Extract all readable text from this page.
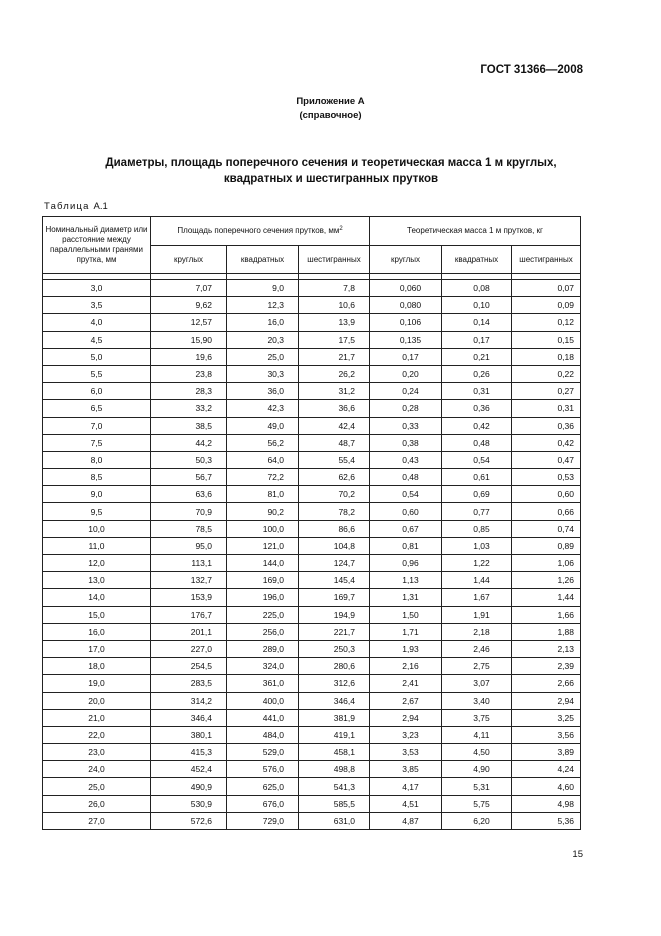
ГОСТ 31366—2008
Приложение А
(справочное)
Диаметры, площадь поперечного сечения и теоретическая масса 1 м круглых,
квадратных и шестигранных прутков
Таблица А.1
Номинальный диаметр или расстояние между параллельными гранями прутка, мм	Площадь поперечного сечения прутков, $мм^2$			Теоретическая масса 1 м прутков, кг		
	круглых	квадратных	шестигранных	круглых	квадратных	шестигранных

3,0	7,07	9,0	7,8	0,060	0,08	0,07
3,5	9,62	12,3	10,6	0,080	0,10	0,09
4,0	12,57	16,0	13,9	0,106	0,14	0,12
4,5	15,90	20,3	17,5	0,135	0,17	0,15
5,0	19,6	25,0	21,7	0,17	0,21	0,18
5,5	23,8	30,3	26,2	0,20	0,26	0,22
6,0	28,3	36,0	31,2	0,24	0,31	0,27
6,5	33,2	42,3	36,6	0,28	0,36	0,31
7,0	38,5	49,0	42,4	0,33	0,42	0,36
7,5	44,2	56,2	48,7	0,38	0,48	0,42
8,0	50,3	64,0	55,4	0,43	0,54	0,47
8,5	56,7	72,2	62,6	0,48	0,61	0,53
9,0	63,6	81,0	70,2	0,54	0,69	0,60
9,5	70,9	90,2	78,2	0,60	0,77	0,66
10,0	78,5	100,0	86,6	0,67	0,85	0,74
11,0	95,0	121,0	104,8	0,81	1,03	0,89
12,0	113,1	144,0	124,7	0,96	1,22	1,06
13,0	132,7	169,0	145,4	1,13	1,44	1,26
14,0	153,9	196,0	169,7	1,31	1,67	1,44
15,0	176,7	225,0	194,9	1,50	1,91	1,66
16,0	201,1	256,0	221,7	1,71	2,18	1,88
17,0	227,0	289,0	250,3	1,93	2,46	2,13
18,0	254,5	324,0	280,6	2,16	2,75	2,39
19,0	283,5	361,0	312,6	2,41	3,07	2,66
20,0	314,2	400,0	346,4	2,67	3,40	2,94
21,0	346,4	441,0	381,9	2,94	3,75	3,25
22,0	380,1	484,0	419,1	3,23	4,11	3,56
23,0	415,3	529,0	458,1	3,53	4,50	3,89
24,0	452,4	576,0	498,8	3,85	4,90	4,24
25,0	490,9	625,0	541,3	4,17	5,31	4,60
26,0	530,9	676,0	585,5	4,51	5,75	4,98
27,0	572,6	729,0	631,0	4,87	6,20	5,36
15
